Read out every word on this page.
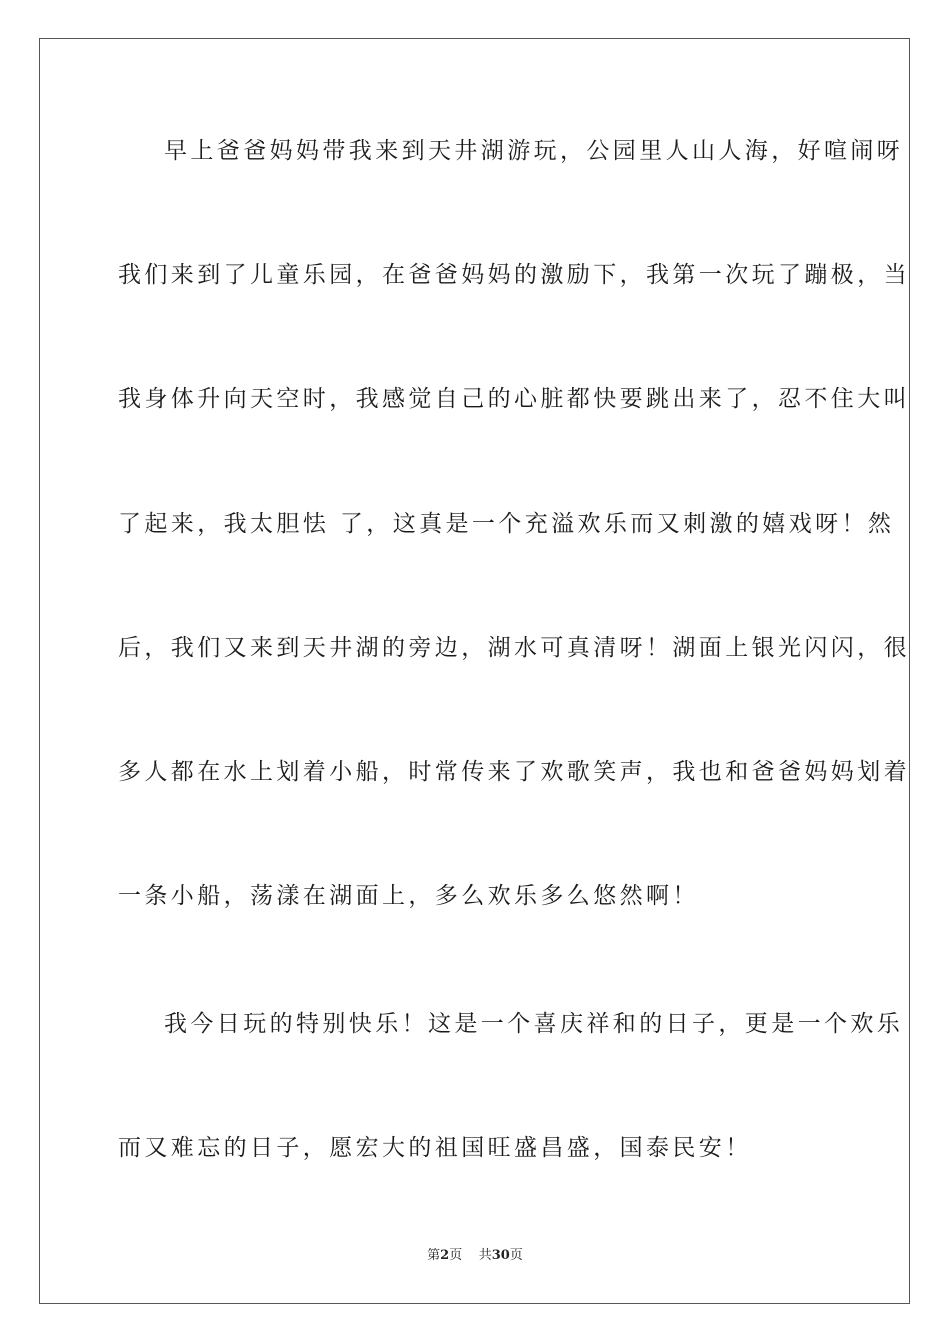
早上爸爸妈妈带我来到天井湖游玩，公园里人山人海，好喧闹呀
我们来到了儿童乐园，在爸爸妈妈的激励下，我第一次玩了蹦极，当
我身体升向天空时，我感觉自己的心脏都快要跳出来了，忍不住大叫
了起来，我太胆怯 了，这真是一个充溢欢乐而又刺激的嬉戏呀！然
后，我们又来到天井湖的旁边，湖水可真清呀！湖面上银光闪闪，很
多人都在水上划着小船，时常传来了欢歌笑声，我也和爸爸妈妈划着
一条小船，荡漾在湖面上，多么欢乐多么悠然啊！
我今日玩的特别快乐！这是一个喜庆祥和的日子，更是一个欢乐
而又难忘的日子，愿宏大的祖国旺盛昌盛，国泰民安！
第2页 共30页
